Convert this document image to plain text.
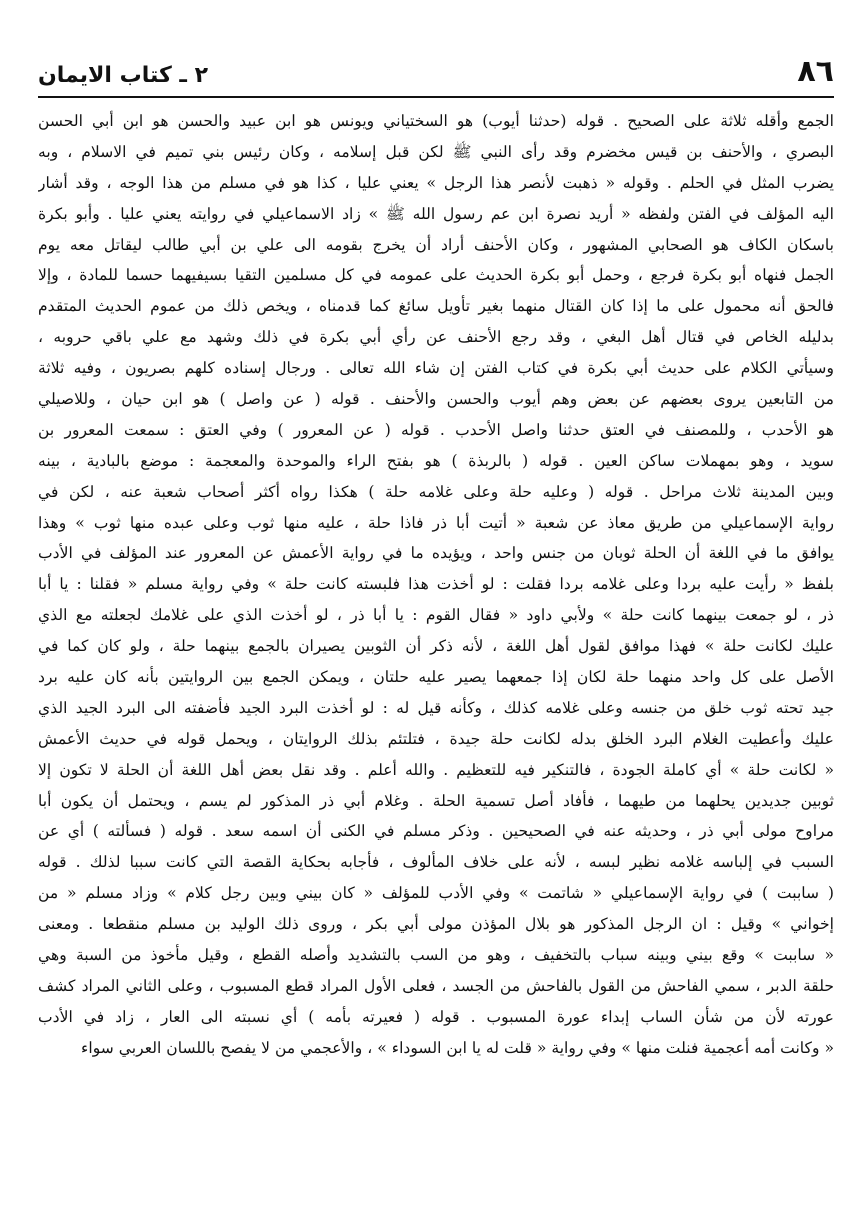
٨٦
٢ ـ كتاب الايمان
الجمع وأقله ثلاثة على الصحيح . قوله (حدثنا أيوب) هو السختياني ويونس هو ابن عبيد والحسن هو ابن أبي الحسن
البصري ، والأحنف بن قيس مخضرم وقد رأى النبي ﷺ لكن قبل إسلامه ، وكان رئيس بني تميم في الاسلام ، وبه
يضرب المثل في الحلم . وقوله « ذهبت لأنصر هذا الرجل » يعني عليا ، كذا هو في مسلم من هذا الوجه ، وقد أشار
اليه المؤلف في الفتن ولفظه « أريد نصرة ابن عم رسول الله ﷺ » زاد الاسماعيلي في روايته يعني عليا . وأبو بكرة
باسكان الكاف هو الصحابي المشهور ، وكان الأحنف أراد أن يخرج بقومه الى علي بن أبي طالب ليقاتل معه يوم
الجمل فنهاه أبو بكرة فرجع ، وحمل أبو بكرة الحديث على عمومه في كل مسلمين التقيا بسيفيهما حسما للمادة ، وإلا
فالحق أنه محمول على ما إذا كان القتال منهما بغير تأويل سائغ كما قدمناه ، ويخص ذلك من عموم الحديث المتقدم
بدليله الخاص في قتال أهل البغي ، وقد رجع الأحنف عن رأي أبي بكرة في ذلك وشهد مع علي باقي حروبه ،
وسيأتي الكلام على حديث أبي بكرة في كتاب الفتن إن شاء الله تعالى . ورجال إسناده كلهم بصريون ، وفيه ثلاثة
من التابعين يروى بعضهم عن بعض وهم أيوب والحسن والأحنف . قوله ( عن واصل ) هو ابن حيان ، وللاصيلي
هو الأحدب ، وللمصنف في العتق حدثنا واصل الأحدب . قوله ( عن المعرور ) وفي العتق : سمعت المعرور بن
سويد ، وهو بمهملات ساكن العين . قوله ( بالربذة ) هو بفتح الراء والموحدة والمعجمة : موضع بالبادية ، بينه
وبين المدينة ثلاث مراحل . قوله ( وعليه حلة وعلى غلامه حلة ) هكذا رواه أكثر أصحاب شعبة عنه ، لكن في
رواية الإسماعيلي من طريق معاذ عن شعبة « أتيت أبا ذر فاذا حلة ، عليه منها ثوب وعلى عبده منها ثوب » وهذا
يوافق ما في اللغة أن الحلة ثوبان من جنس واحد ، ويؤيده ما في رواية الأعمش عن المعرور عند المؤلف في الأدب
بلفظ « رأيت عليه بردا وعلى غلامه بردا فقلت : لو أخذت هذا فلبسته كانت حلة » وفي رواية مسلم « فقلنا : يا أبا
ذر ، لو جمعت بينهما كانت حلة » ولأبي داود « فقال القوم : يا أبا ذر ، لو أخذت الذي على غلامك لجعلته مع الذي
عليك لكانت حلة » فهذا موافق لقول أهل اللغة ، لأنه ذكر أن الثوبين يصيران بالجمع بينهما حلة ، ولو كان كما في
الأصل على كل واحد منهما حلة لكان إذا جمعهما يصير عليه حلتان ، ويمكن الجمع بين الروايتين بأنه كان عليه برد
جيد تحته ثوب خلق من جنسه وعلى غلامه كذلك ، وكأنه قيل له : لو أخذت البرد الجيد فأضفته الى البرد الجيد الذي
عليك وأعطيت الغلام البرد الخلق بدله لكانت حلة جيدة ، فتلتئم بذلك الروايتان ، ويحمل قوله في حديث الأعمش
« لكانت حلة » أي كاملة الجودة ، فالتنكير فيه للتعظيم . والله أعلم . وقد نقل بعض أهل اللغة أن الحلة لا تكون إلا
ثوبين جديدين يحلهما من طيهما ، فأفاد أصل تسمية الحلة . وغلام أبي ذر المذكور لم يسم ، ويحتمل أن يكون أبا
مراوح مولى أبي ذر ، وحديثه عنه في الصحيحين . وذكر مسلم في الكنى أن اسمه سعد . قوله ( فسألته ) أي عن
السبب في إلباسه غلامه نظير لبسه ، لأنه على خلاف المألوف ، فأجابه بحكاية القصة التي كانت سببا لذلك . قوله
( ساببت ) في رواية الإسماعيلي « شاتمت » وفي الأدب للمؤلف « كان بيني وبين رجل كلام » وزاد مسلم « من
إخواني » وقيل : ان الرجل المذكور هو بلال المؤذن مولى أبي بكر ، وروى ذلك الوليد بن مسلم منقطعا . ومعنى
« ساببت » وقع بيني وبينه سباب بالتخفيف ، وهو من السب بالتشديد وأصله القطع ، وقيل مأخوذ من السبة وهي
حلقة الدبر ، سمي الفاحش من القول بالفاحش من الجسد ، فعلى الأول المراد قطع المسبوب ، وعلى الثاني المراد كشف
عورته لأن من شأن الساب إبداء عورة المسبوب . قوله ( فعيرته بأمه ) أي نسبته الى العار ، زاد في الأدب
« وكانت أمه أعجمية فنلت منها » وفي رواية « قلت له يا ابن السوداء » ، والأعجمي من لا يفصح باللسان العربي سواء
